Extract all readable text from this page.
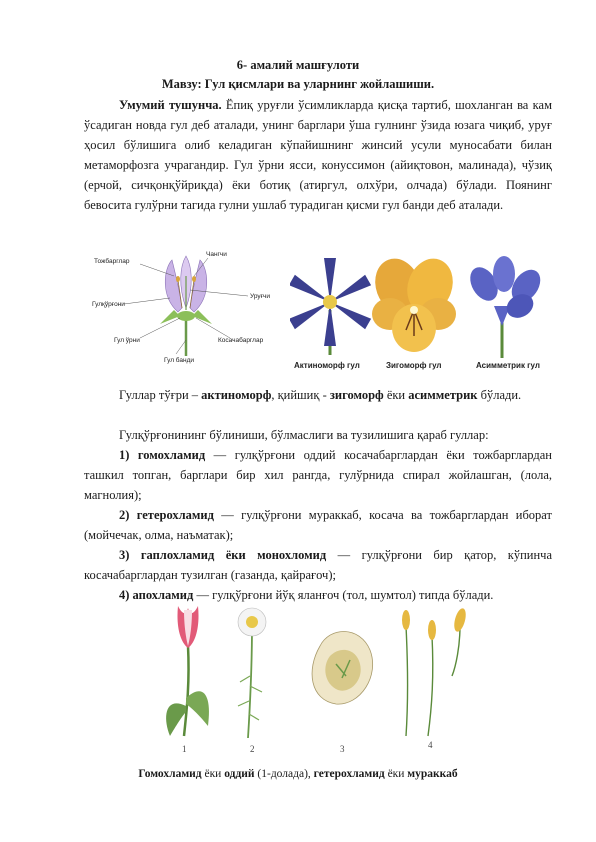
6- амалий машғулоти
Мавзу: Гул қисмлари ва уларнинг жойлашиши.

Умумий тушунча. Ёпиқ уруғли ўсимликларда қисқа тартиб, шохланган ва кам ўсадиган новда гул деб аталади, унинг барглари ўша гулнинг ўзида юзага чиқиб, уруғ ҳосил бўлишига олиб келадиган кўпайишнинг жинсий усули муносабати билан метаморфозга учрагандир. Гул ўрни ясси, конуссимон (айиқтовон, малинада), чўзиқ (ерчой, сичқонқўйриқда) ёки ботиқ (атиргул, олхўри, олчада) бўлади. Поянинг бевосита гулўрни тагида гулни ушлаб турадиган қисми гул банди деб аталади.

Тожбарглар
Чангчи
Гулқўрғони
Уруғчи
Гул ўрни	Косачабарглар
Гул банди
Актиноморф гул	Зигоморф гул	Асимметрик гул

Гуллар тўғри – актиноморф, қийшиқ - зигоморф ёки асимметрик бўлади.

Гулқўрғонининг бўлиниши, бўлмаслиги ва тузилишига қараб гуллар:

1) гомохламид — гулқўрғони оддий косачабарглардан ёки тожбарглардан ташкил топган, барглари бир хил рангда, гулўрнида спирал жойлашган, (лола, магнолия);

2) гетерохламид — гулқўрғони мураккаб, косача ва тожбарглардан иборат (мойчечак, олма, наъматак);

3) гаплохламид ёки монохломид — гулқўрғони бир қатор, кўпинча косачабарглардан тузилган (газанда, қайрағоч);

4) апохламид — гулқўрғони йўқ яланғоч (тол, шумтол) типда бўлади.

1	2	3	4
Гомохламид ёки оддий (1-долада), гетерохламид ёки мураккаб
